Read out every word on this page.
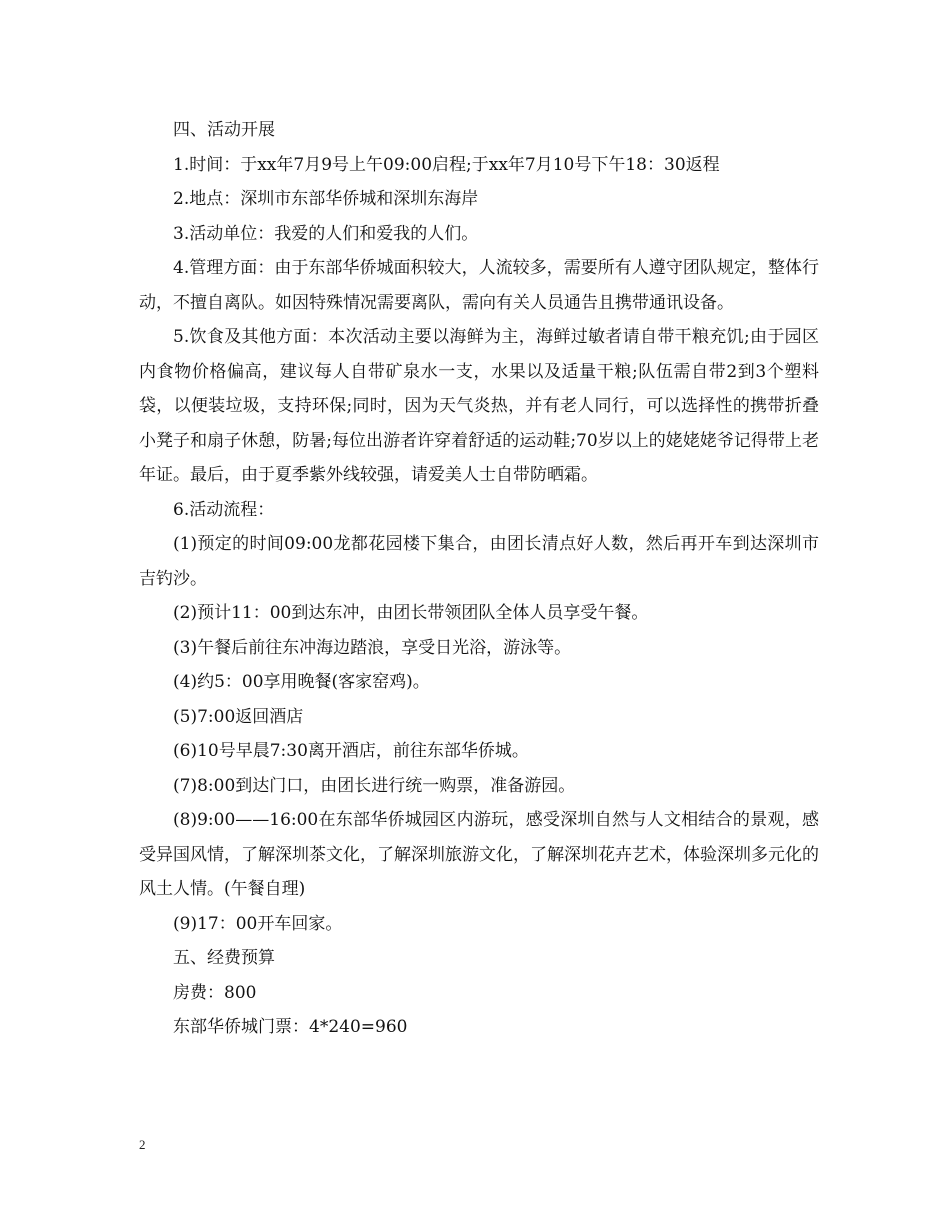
四、活动开展

1.时间：于xx年7月9号上午09:00启程;于xx年7月10号下午18：30返程

2.地点：深圳市东部华侨城和深圳东海岸

3.活动单位：我爱的人们和爱我的人们。

4.管理方面：由于东部华侨城面积较大，人流较多，需要所有人遵守团队规定，整体行动，不擅自离队。如因特殊情况需要离队，需向有关人员通告且携带通讯设备。

5.饮食及其他方面：本次活动主要以海鲜为主，海鲜过敏者请自带干粮充饥;由于园区内食物价格偏高，建议每人自带矿泉水一支，水果以及适量干粮;队伍需自带2到3个塑料袋，以便装垃圾，支持环保;同时，因为天气炎热，并有老人同行，可以选择性的携带折叠小凳子和扇子休憩，防暑;每位出游者许穿着舒适的运动鞋;70岁以上的姥姥姥爷记得带上老年证。最后，由于夏季紫外线较强，请爱美人士自带防晒霜。

6.活动流程：

(1)预定的时间09:00龙都花园楼下集合，由团长清点好人数，然后再开车到达深圳市吉钓沙。

(2)预计11：00到达东冲，由团长带领团队全体人员享受午餐。

(3)午餐后前往东冲海边踏浪，享受日光浴，游泳等。

(4)约5：00享用晚餐(客家窑鸡)。

(5)7:00返回酒店

(6)10号早晨7:30离开酒店，前往东部华侨城。

(7)8:00到达门口，由团长进行统一购票，准备游园。

(8)9:00——16:00在东部华侨城园区内游玩，感受深圳自然与人文相结合的景观，感受异国风情，了解深圳茶文化，了解深圳旅游文化，了解深圳花卉艺术，体验深圳多元化的风土人情。(午餐自理)

(9)17：00开车回家。

五、经费预算

房费：800

东部华侨城门票：4*240=960

2
